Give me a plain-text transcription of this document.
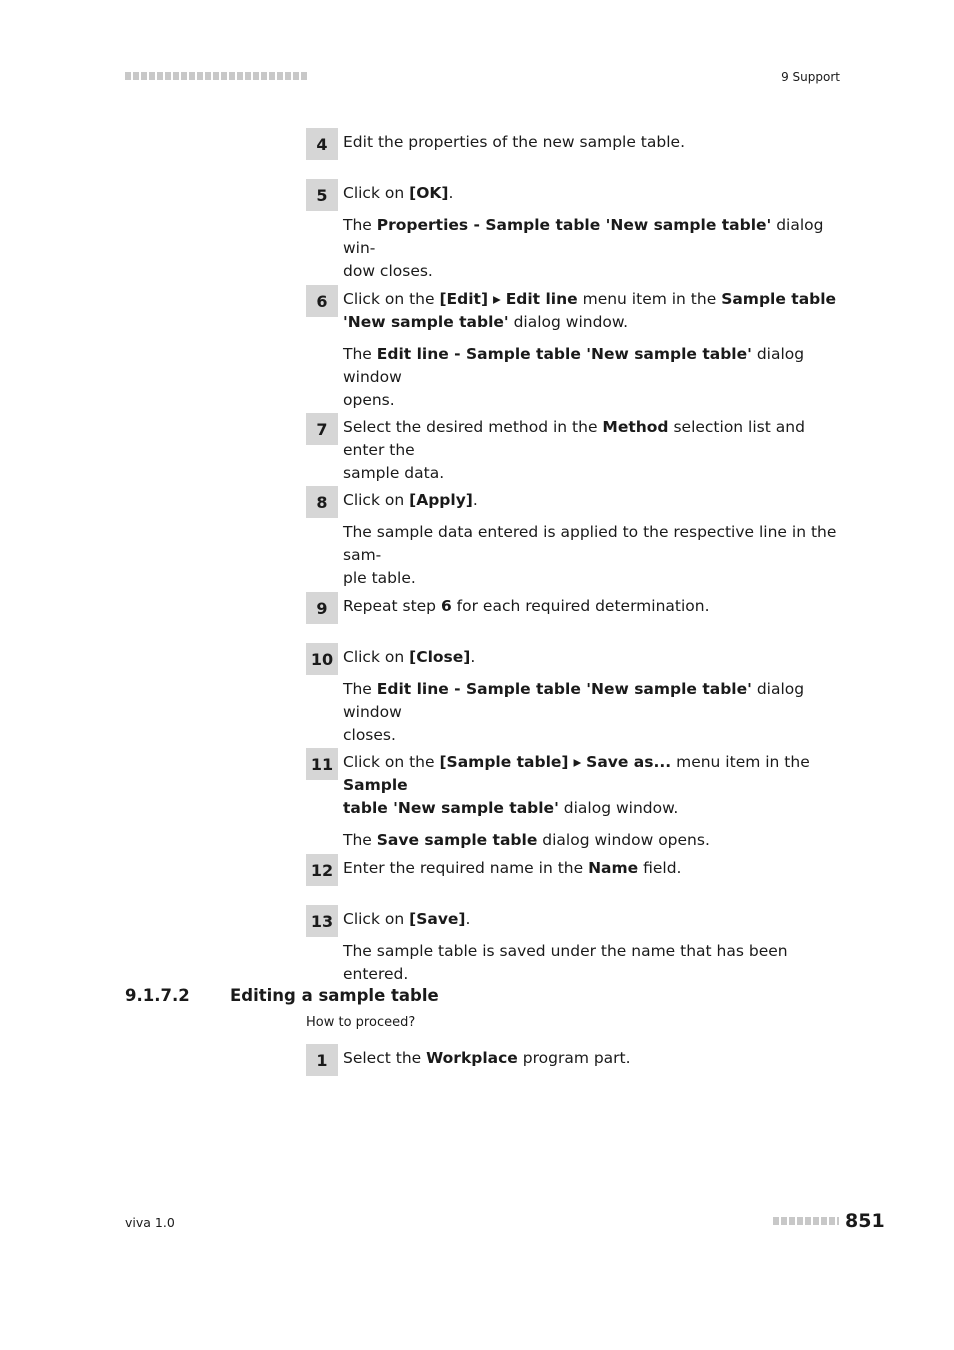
9 Support
4 Edit the properties of the new sample table.
5 Click on [OK].
The Properties - Sample table 'New sample table' dialog win-
dow closes.
6 Click on the [Edit] ▸ Edit line menu item in the Sample table
'New sample table' dialog window.
The Edit line - Sample table 'New sample table' dialog window
opens.
7 Select the desired method in the Method selection list and enter the
sample data.
8 Click on [Apply].
The sample data entered is applied to the respective line in the sam-
ple table.
9 Repeat step 6 for each required determination.
10 Click on [Close].
The Edit line - Sample table 'New sample table' dialog window
closes.
11 Click on the [Sample table] ▸ Save as... menu item in the Sample
table 'New sample table' dialog window.
The Save sample table dialog window opens.
12 Enter the required name in the Name field.
13 Click on [Save].
The sample table is saved under the name that has been entered.
9.1.7.2 Editing a sample table
How to proceed?
1 Select the Workplace program part.
viva 1.0	851
